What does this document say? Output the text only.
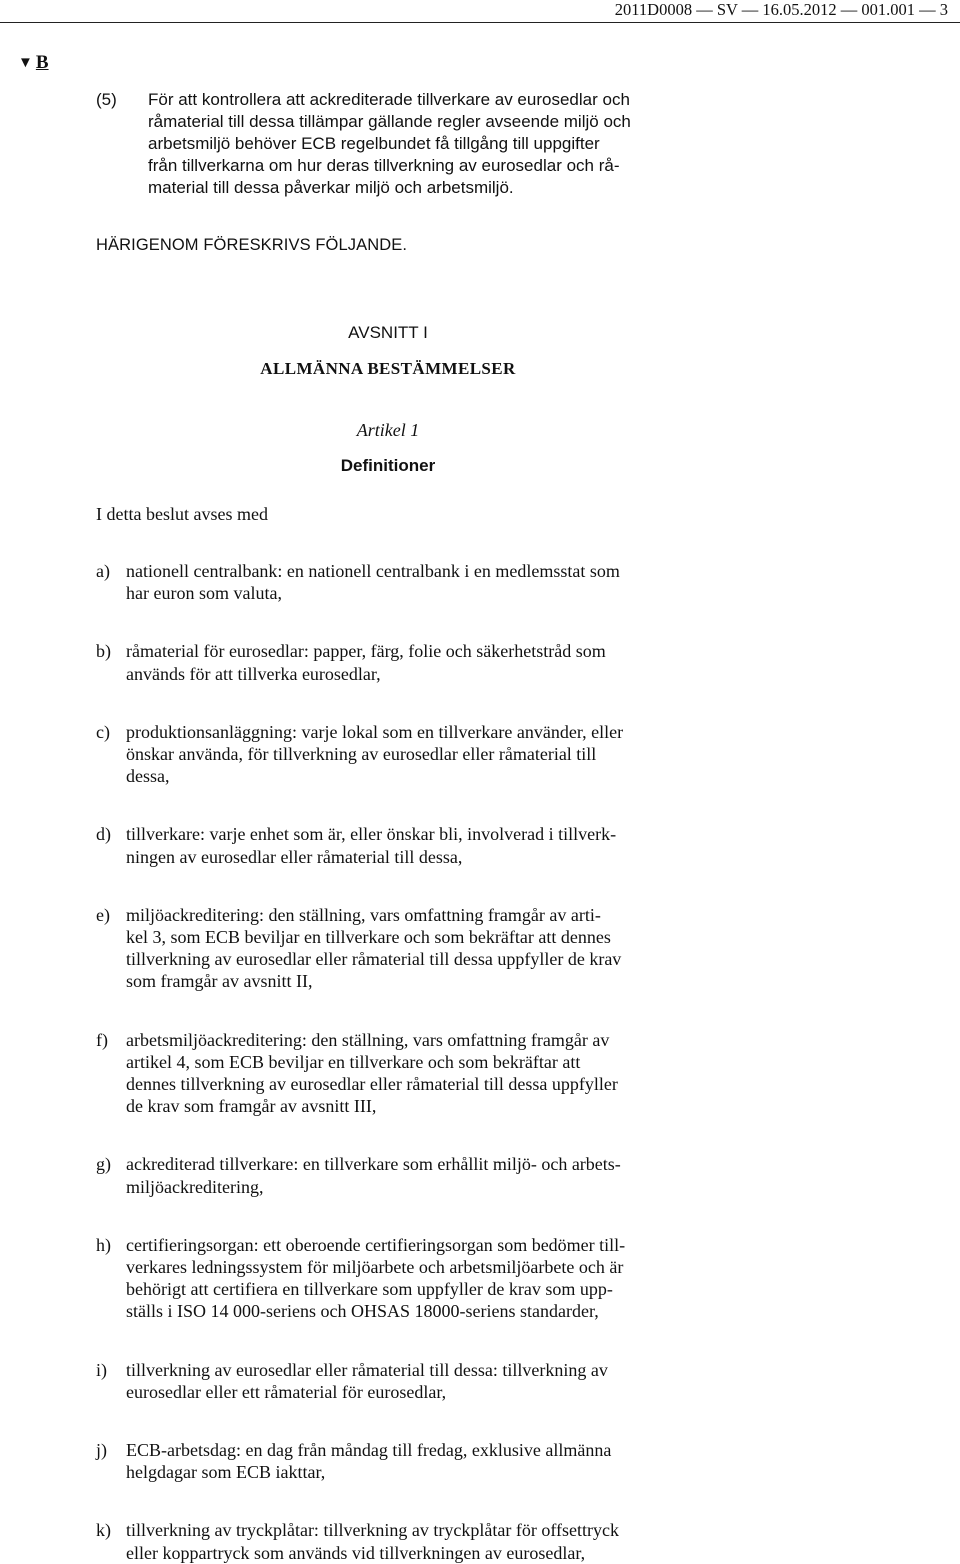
2011D0008 — SV — 16.05.2012 — 001.001 — 3
▼ B
(5) För att kontrollera att ackrediterade tillverkare av eurosedlar och
råmaterial till dessa tillämpar gällande regler avseende miljö och
arbetsmiljö behöver ECB regelbundet få tillgång till uppgifter
från tillverkarna om hur deras tillverkning av eurosedlar och rå-
material till dessa påverkar miljö och arbetsmiljö.
HÄRIGENOM FÖRESKRIVS FÖLJANDE.
AVSNITT I
ALLMÄNNA BESTÄMMELSER
Artikel 1
Definitioner
I detta beslut avses med
a) nationell centralbank: en nationell centralbank i en medlemsstat som
har euron som valuta,
b) råmaterial för eurosedlar: papper, färg, folie och säkerhetstråd som
används för att tillverka eurosedlar,
c) produktionsanläggning: varje lokal som en tillverkare använder, eller
önskar använda, för tillverkning av eurosedlar eller råmaterial till
dessa,
d) tillverkare: varje enhet som är, eller önskar bli, involverad i tillverk-
ningen av eurosedlar eller råmaterial till dessa,
e) miljöackreditering: den ställning, vars omfattning framgår av arti-
kel 3, som ECB beviljar en tillverkare och som bekräftar att dennes
tillverkning av eurosedlar eller råmaterial till dessa uppfyller de krav
som framgår av avsnitt II,
f) arbetsmiljöackreditering: den ställning, vars omfattning framgår av
artikel 4, som ECB beviljar en tillverkare och som bekräftar att
dennes tillverkning av eurosedlar eller råmaterial till dessa uppfyller
de krav som framgår av avsnitt III,
g) ackrediterad tillverkare: en tillverkare som erhållit miljö- och arbets-
miljöackreditering,
h) certifieringsorgan: ett oberoende certifieringsorgan som bedömer till-
verkares ledningssystem för miljöarbete och arbetsmiljöarbete och är
behörigt att certifiera en tillverkare som uppfyller de krav som upp-
ställs i ISO 14 000-seriens och OHSAS 18000-seriens standarder,
i) tillverkning av eurosedlar eller råmaterial till dessa: tillverkning av
eurosedlar eller ett råmaterial för eurosedlar,
j) ECB-arbetsdag: en dag från måndag till fredag, exklusive allmänna
helgdagar som ECB iakttar,
k) tillverkning av tryckplåtar: tillverkning av tryckplåtar för offsettryck
eller koppartryck som används vid tillverkningen av eurosedlar,
